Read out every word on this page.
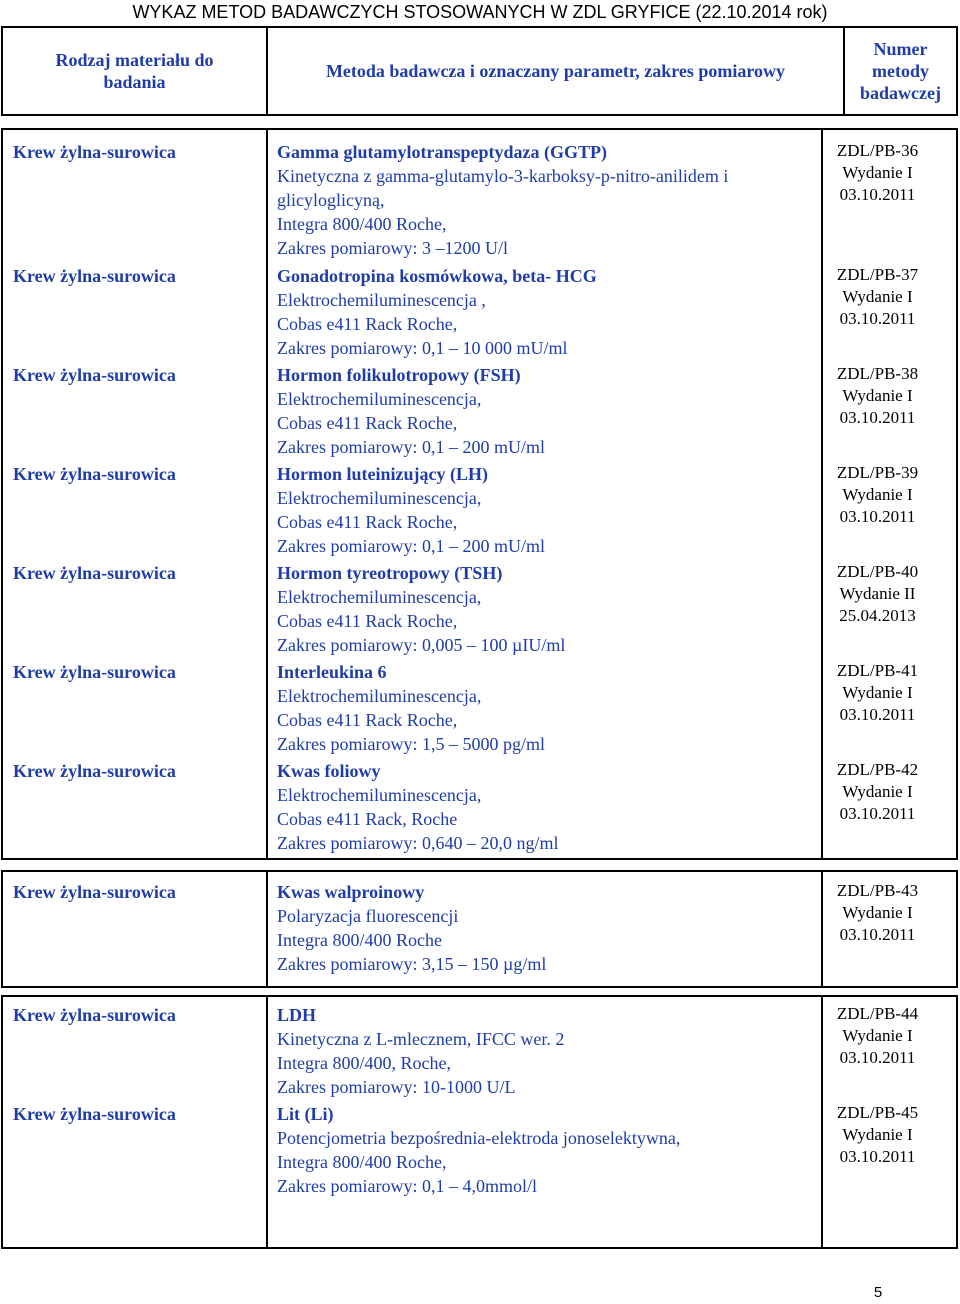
WYKAZ METOD BADAWCZYCH STOSOWANYCH W ZDL GRYFICE (22.10.2014 rok)
Rodzaj materiału do badania
Metoda badawcza i oznaczany parametr, zakres pomiarowy
Numer metody badawczej
Krew żylna-surowica	Gamma glutamylotranspeptydaza (GGTP)
Kinetyczna z gamma-glutamylo-3-karboksy-p-nitro-anilidem i
glicyloglicyną,
Integra 800/400 Roche,
Zakres pomiarowy: 3 –1200 U/l
ZDL/PB-36
Wydanie I
03.10.2011
Krew żylna-surowica	Gonadotropina kosmówkowa, beta- HCG
Elektrochemiluminescencja ,
Cobas e411 Rack Roche,
Zakres pomiarowy: 0,1 – 10 000 mU/ml
ZDL/PB-37
Wydanie I
03.10.2011
Krew żylna-surowica	Hormon folikulotropowy (FSH)
Elektrochemiluminescencja,
Cobas e411 Rack Roche,
Zakres pomiarowy: 0,1 – 200 mU/ml
ZDL/PB-38
Wydanie I
03.10.2011
Krew żylna-surowica	Hormon luteinizujący (LH)
Elektrochemiluminescencja,
Cobas e411 Rack Roche,
Zakres pomiarowy: 0,1 – 200 mU/ml
ZDL/PB-39
Wydanie I
03.10.2011
Krew żylna-surowica	Hormon tyreotropowy (TSH)
Elektrochemiluminescencja,
Cobas e411 Rack Roche,
Zakres pomiarowy: 0,005 – 100 µIU/ml
ZDL/PB-40
Wydanie II
25.04.2013
Krew żylna-surowica	Interleukina 6
Elektrochemiluminescencja,
Cobas e411 Rack Roche,
Zakres pomiarowy: 1,5 – 5000 pg/ml
ZDL/PB-41
Wydanie I
03.10.2011
Krew żylna-surowica	Kwas foliowy
Elektrochemiluminescencja,
Cobas e411 Rack, Roche
Zakres pomiarowy: 0,640 – 20,0 ng/ml
ZDL/PB-42
Wydanie I
03.10.2011
Krew żylna-surowica	Kwas walproinowy
Polaryzacja fluorescencji
Integra 800/400 Roche
Zakres pomiarowy: 3,15 – 150 µg/ml
ZDL/PB-43
Wydanie I
03.10.2011
Krew żylna-surowica	LDH
Kinetyczna z L-mlecznem, IFCC wer. 2
Integra 800/400, Roche,
Zakres pomiarowy: 10-1000 U/L
ZDL/PB-44
Wydanie I
03.10.2011
Krew żylna-surowica	Lit (Li)
Potencjometria bezpośrednia-elektroda jonoselektywna,
Integra 800/400 Roche,
Zakres pomiarowy: 0,1 – 4,0mmol/l
ZDL/PB-45
Wydanie I
03.10.2011
5
